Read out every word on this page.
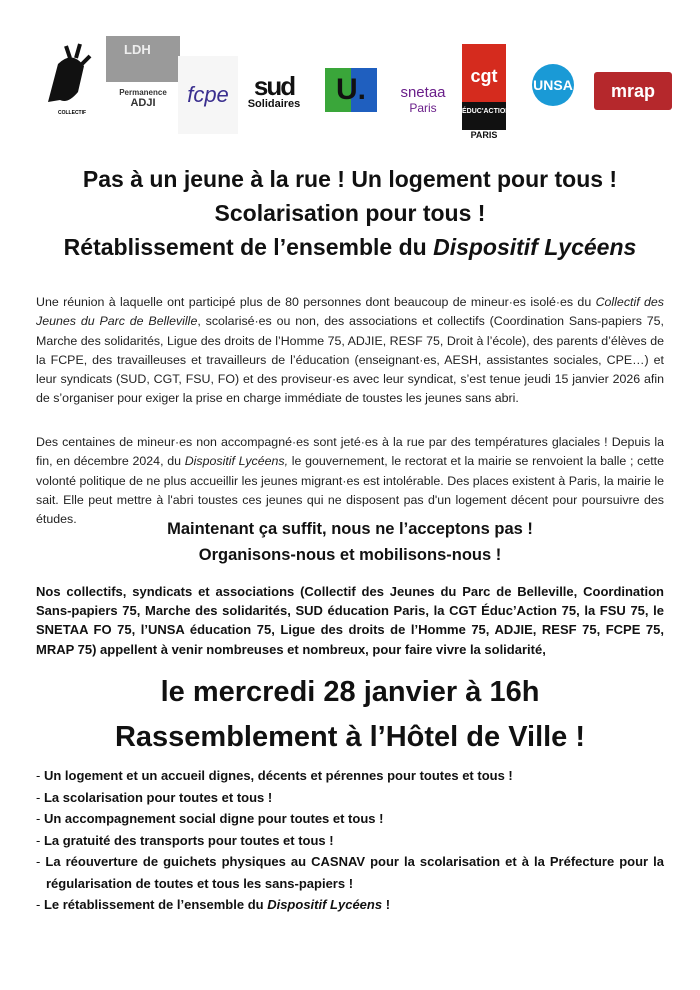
COLLECTIF
LDH
Permanence ADJI	fcpe sud
Solidaires	U.	snetaa
Paris
cgt
ÉDUC'ACTION
PARIS
UNSA	mrap
Pas à un jeune à la rue ! Un logement pour tous !
Scolarisation pour tous !
Rétablissement de l’ensemble du Dispositif Lycéens

Une réunion à laquelle ont participé plus de 80 personnes dont beaucoup de mineur·es isolé·es du Collectif des Jeunes du Parc de Belleville, scolarisé·es ou non, des associations et collectifs (Coordination Sans-papiers 75, Marche des solidarités, Ligue des droits de l’Homme 75, ADJIE, RESF 75, Droit à l’école), des parents d’élèves de la FCPE, des travailleuses et travailleurs de l’éducation (enseignant·es, AESH, assistantes sociales, CPE…) et leur syndicats (SUD, CGT, FSU, FO) et des proviseur·es avec leur syndicat, s’est tenue jeudi 15 janvier 2026 afin de s’organiser pour exiger la prise en charge immédiate de toustes les jeunes sans abri.

Des centaines de mineur·es non accompagné·es sont jeté·es à la rue par des températures glaciales ! Depuis la fin, en décembre 2024, du Dispositif Lycéens, le gouvernement, le rectorat et la mairie se renvoient la balle ; cette volonté politique de ne plus accueillir les jeunes migrant·es est intolérable. Des places existent à Paris, la mairie le sait. Elle peut mettre à l'abri toustes ces jeunes qui ne disposent pas d'un logement décent pour poursuivre des études.

Maintenant ça suffit, nous ne l’acceptons pas !
Organisons-nous et mobilisons-nous !

Nos collectifs, syndicats et associations (Collectif des Jeunes du Parc de Belleville, Coordination Sans-papiers 75, Marche des solidarités, SUD éducation Paris, la CGT Éduc’Action 75, la FSU 75, le SNETAA FO 75, l’UNSA éducation 75, Ligue des droits de l’Homme 75, ADJIE, RESF 75, FCPE 75, MRAP 75) appellent à venir nombreuses et nombreux, pour faire vivre la solidarité,

le mercredi 28 janvier à 16h
Rassemblement à l’Hôtel de Ville !
- Un logement et un accueil dignes, décents et pérennes pour toutes et tous !
- La scolarisation pour toutes et tous !
- Un accompagnement social digne pour toutes et tous !
- La gratuité des transports pour toutes et tous !
- La réouverture de guichets physiques au CASNAV pour la scolarisation et à la Préfecture pour la régularisation de toutes et tous les sans-papiers !
- Le rétablissement de l’ensemble du Dispositif Lycéens !
